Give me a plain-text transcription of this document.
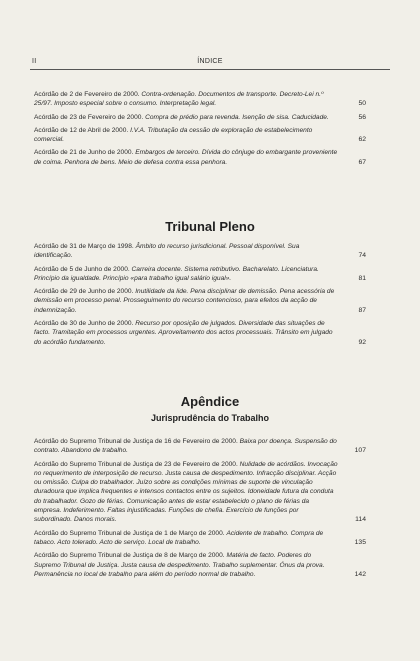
II	ÍNDICE
Acórdão de 2 de Fevereiro de 2000. Contra-ordenação. Documentos de transporte. Decreto-Lei n.º 25/97. Imposto especial sobre o consumo. Interpretação legal.	50
Acórdão de 23 de Fevereiro de 2000. Compra de prédio para revenda. Isenção de sisa. Caducidade.	56
Acórdão de 12 de Abril de 2000. I.V.A. Tributação da cessão de exploração de estabelecimento comercial.	62
Acórdão de 21 de Junho de 2000. Embargos de terceiro. Dívida do cônjuge do embargante proveniente de coima. Penhora de bens. Meio de defesa contra essa penhora.	67
Tribunal Pleno
Acórdão de 31 de Março de 1998. Âmbito do recurso jurisdicional. Pessoal disponível. Sua identificação.	74
Acórdão de 5 de Junho de 2000. Carreira docente. Sistema retributivo. Bacharelato. Licenciatura. Princípio da igualdade. Princípio «para trabalho igual salário igual».	81
Acórdão de 29 de Junho de 2000. Inutilidade da lide. Pena disciplinar de demissão. Pena acessória de demissão em processo penal. Prosseguimento do recurso contencioso, para efeitos da acção de indemnização.	87
Acórdão de 30 de Junho de 2000. Recurso por oposição de julgados. Diversidade das situações de facto. Tramitação em processos urgentes. Aproveitamento dos actos processuais. Trânsito em julgado do acórdão fundamento.	92
Apêndice
Jurisprudência do Trabalho
Acórdão do Supremo Tribunal de Justiça de 16 de Fevereiro de 2000. Baixa por doença. Suspensão do contrato. Abandono de trabalho.	107
Acórdão do Supremo Tribunal de Justiça de 23 de Fevereiro de 2000. Nulidade de acórdãos. Invocação no requerimento de interposição de recurso. Justa causa de despedimento. Infracção disciplinar. Acção ou omissão. Culpa do trabalhador. Juízo sobre as condições mínimas de suporte de vinculação duradoura que implica frequentes e intensos contactos entre os sujeitos. Idoneidade futura da conduta do trabalhador. Gozo de férias. Comunicação antes de estar estabelecido o plano de férias da empresa. Indeferimento. Faltas injustificadas. Funções de chefia. Exercício de funções por subordinado. Danos morais.	114
Acórdão do Supremo Tribunal de Justiça de 1 de Março de 2000. Acidente de trabalho. Compra de tabaco. Acto tolerado. Acto de serviço. Local de trabalho.	135
Acórdão do Supremo Tribunal de Justiça de 8 de Março de 2000. Matéria de facto. Poderes do Supremo Tribunal de Justiça. Justa causa de despedimento. Trabalho suplementar. Ónus da prova. Permanência no local de trabalho para além do período normal de trabalho.	142
